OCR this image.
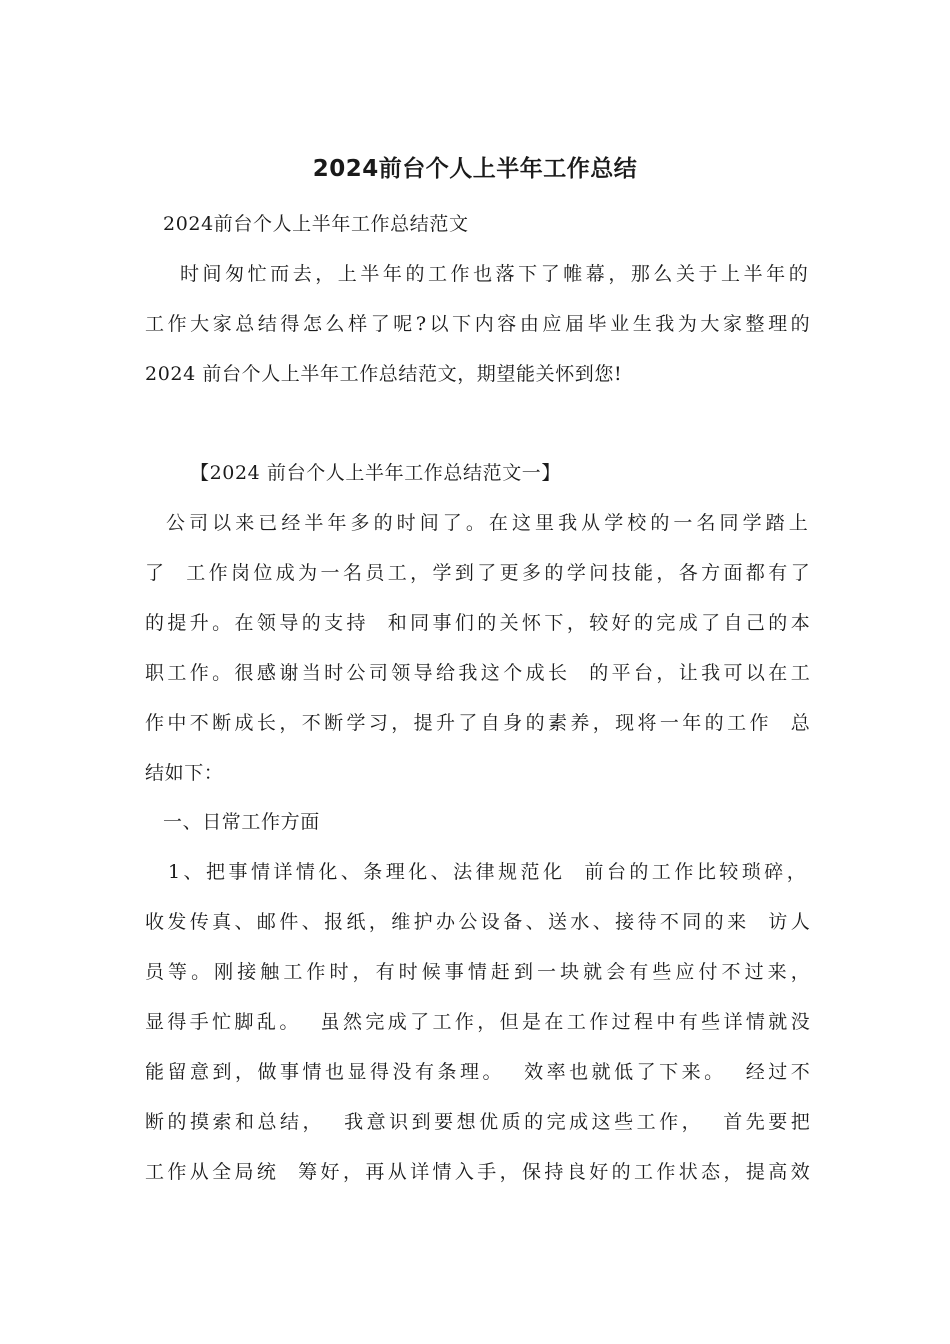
2024前台个人上半年工作总结
2024前台个人上半年工作总结范文
时间匆忙而去，上半年的工作也落下了帷幕，那么关于上半年的
工作大家总结得怎么样了呢?以下内容由应届毕业生我为大家整理的
2024 前台个人上半年工作总结范文，期望能关怀到您!
【2024 前台个人上半年工作总结范文一】
公司以来已经半年多的时间了。在这里我从学校的一名同学踏上
了  工作岗位成为一名员工，学到了更多的学问技能，各方面都有了
的提升。在领导的支持  和同事们的关怀下，较好的完成了自己的本
职工作。很感谢当时公司领导给我这个成长  的平台，让我可以在工
作中不断成长，不断学习，提升了自身的素养，现将一年的工作  总
结如下：
一、日常工作方面
1、把事情详情化、条理化、法律规范化  前台的工作比较琐碎，
收发传真、邮件、报纸，维护办公设备、送水、接待不同的来  访人
员等。刚接触工作时，有时候事情赶到一块就会有些应付不过来，
显得手忙脚乱。  虽然完成了工作，但是在工作过程中有些详情就没
能留意到，做事情也显得没有条理。  效率也就低了下来。  经过不
断的摸索和总结，  我意识到要想优质的完成这些工作，  首先要把
工作从全局统  筹好，再从详情入手，保持良好的工作状态，提高效
